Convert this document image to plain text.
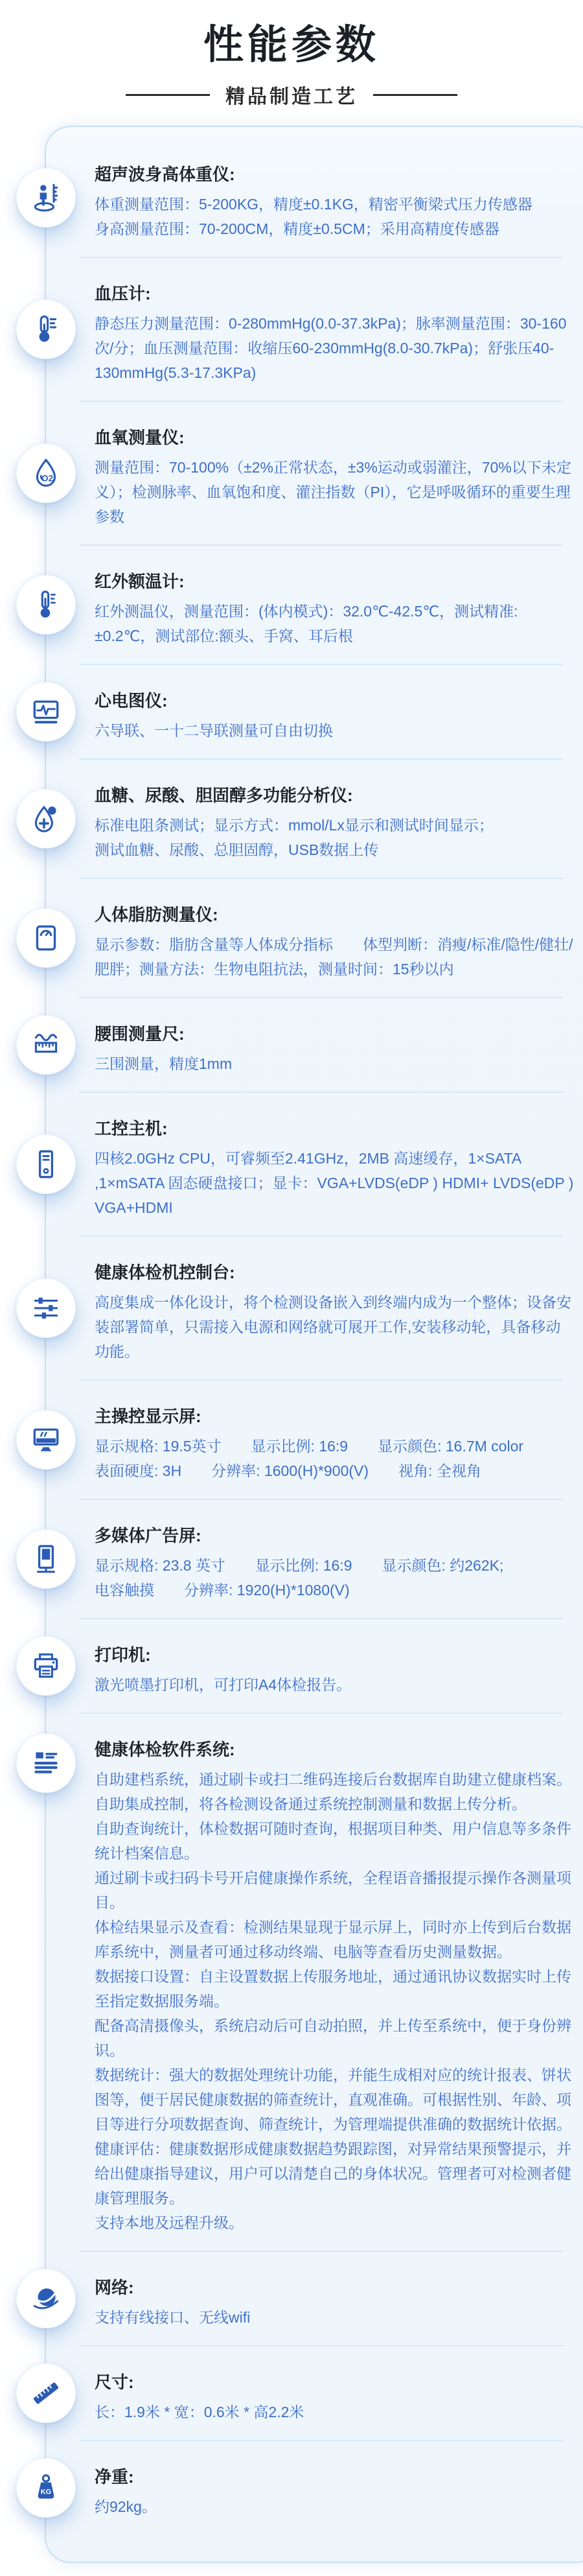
性能参数
精品制造工艺
超声波身高体重仪:

体重测量范围：5-200KG，精度±0.1KG，精密平衡梁式压力传感器

身高测量范围：70-200CM，精度±0.5CM；采用高精度传感器

血压计:

静态压力测量范围：0-280mmHg(0.0-37.3kPa)；脉率测量范围：30-160次/分；血压测量范围：收缩压60-230mmHg(8.0-30.7kPa)；舒张压40-130mmHg(5.3-17.3KPa)

血氧测量仪:

测量范围：70-100%（±2%正常状态，±3%运动或弱灌注，70%以下未定义）；检测脉率、血氧饱和度、灌注指数（PI），它是呼吸循环的重要生理参数

红外额温计:

红外测温仪，测量范围：(体内模式)：32.0℃-42.5℃，测试精准:±0.2℃，测试部位:额头、手窝、耳后根

心电图仪:

六导联、一十二导联测量可自由切换

血糖、尿酸、胆固醇多功能分析仪:

标准电阻条测试；显示方式：mmol/Lx显示和测试时间显示；

测试血糖、尿酸、总胆固醇，USB数据上传

人体脂肪测量仪:

显示参数：脂肪含量等人体成分指标　　体型判断：消瘦/标准/隐性/健壮/肥胖；测量方法：生物电阻抗法，测量时间：15秒以内

腰围测量尺:

三围测量，精度1mm

工控主机:

四核2.0GHz CPU，可睿频至2.41GHz，2MB 高速缓存，1×SATA ,1×mSATA 固态硬盘接口；显卡：VGA+LVDS(eDP ) HDMI+ LVDS(eDP ) VGA+HDMI

健康体检机控制台:

高度集成一体化设计，将个检测设备嵌入到终端内成为一个整体；设备安装部署简单，只需接入电源和网络就可展开工作,安装移动轮，具备移动功能。

主操控显示屏:

显示规格: 19.5英寸　　显示比例: 16:9　　显示颜色: 16.7M color

表面硬度: 3H　　分辨率: 1600(H)*900(V)　　视角: 全视角

多媒体广告屏:

显示规格: 23.8 英寸　　显示比例: 16:9　　显示颜色: 约262K;

电容触摸　　分辨率: 1920(H)*1080(V)

打印机:

激光喷墨打印机，可打印A4体检报告。

健康体检软件系统:

自助建档系统，通过刷卡或扫二维码连接后台数据库自助建立健康档案。

自助集成控制，将各检测设备通过系统控制测量和数据上传分析。

自助查询统计，体检数据可随时查询，根据项目种类、用户信息等多条件统计档案信息。

通过刷卡或扫码卡号开启健康操作系统，全程语音播报提示操作各测量项目。

体检结果显示及查看：检测结果显现于显示屏上，同时亦上传到后台数据库系统中，测量者可通过移动终端、电脑等查看历史测量数据。

数据接口设置：自主设置数据上传服务地址，通过通讯协议数据实时上传至指定数据服务端。

配备高清摄像头，系统启动后可自动拍照，并上传至系统中，便于身份辨识。

数据统计：强大的数据处理统计功能，并能生成相对应的统计报表、饼状图等，便于居民健康数据的筛查统计，直观准确。可根据性别、年龄、项目等进行分项数据查询、筛查统计，为管理端提供准确的数据统计依据。

健康评估：健康数据形成健康数据趋势跟踪图，对异常结果预警提示，并给出健康指导建议，用户可以清楚自己的身体状况。管理者可对检测者健康管理服务。

支持本地及远程升级。

网络:

支持有线接口、无线wifi

尺寸:

长：1.9米 * 宽：0.6米 * 高2.2米

净重:

约92kg。
